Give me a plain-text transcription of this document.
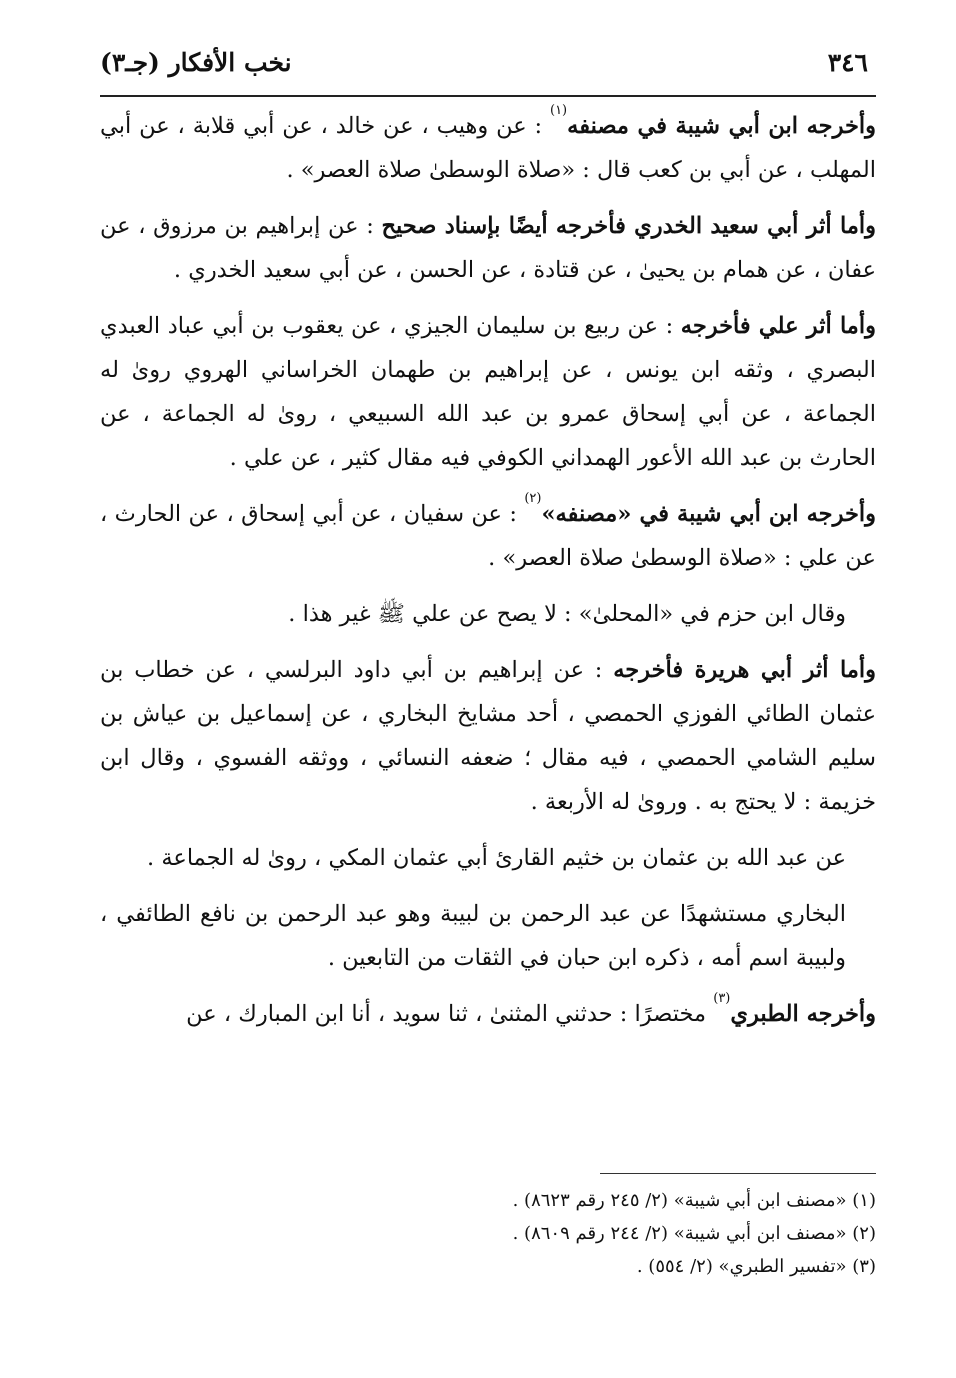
٣٤٦
نخب الأفكار (جـ٣)

وأخرجه ابن أبي شيبة في مصنفه$^{(١)}$ : عن وهيب ، عن خالد ، عن أبي قلابة ، عن أبي المهلب ، عن أبي بن كعب قال : «صلاة الوسطىٰ صلاة العصر» .

وأما أثر أبي سعيد الخدري فأخرجه أيضًا بإسناد صحيح : عن إبراهيم بن مرزوق ، عن عفان ، عن همام بن يحيىٰ ، عن قتادة ، عن الحسن ، عن أبي سعيد الخدري .

وأما أثر علي فأخرجه : عن ربيع بن سليمان الجيزي ، عن يعقوب بن أبي عباد العبدي البصري ، وثقه ابن يونس ، عن إبراهيم بن طهمان الخراساني الهروي روىٰ له الجماعة ، عن أبي إسحاق عمرو بن عبد الله السبيعي ، روىٰ له الجماعة ، عن الحارث بن عبد الله الأعور الهمداني الكوفي فيه مقال كثير ، عن علي .

وأخرجه ابن أبي شيبة في «مصنفه»$^{(٢)}$ : عن سفيان ، عن أبي إسحاق ، عن الحارث ، عن علي : «صلاة الوسطىٰ صلاة العصر» .

وقال ابن حزم في «المحلىٰ» : لا يصح عن علي ﷺ غير هذا .

وأما أثر أبي هريرة فأخرجه : عن إبراهيم بن أبي داود البرلسي ، عن خطاب بن عثمان الطائي الفوزي الحمصي ، أحد مشايخ البخاري ، عن إسماعيل بن عياش بن سليم الشامي الحمصي ، فيه مقال ؛ ضعفه النسائي ، ووثقه الفسوي ، وقال ابن خزيمة : لا يحتج به . وروىٰ له الأربعة .

عن عبد الله بن عثمان بن خثيم القارئ أبي عثمان المكي ، روىٰ له الجماعة .

البخاري مستشهدًا عن عبد الرحمن بن لبيبة وهو عبد الرحمن بن نافع الطائفي ، ولبيبة اسم أمه ، ذكره ابن حبان في الثقات من التابعين .

وأخرجه الطبري$^{(٣)}$ مختصرًا : حدثني المثنىٰ ، ثنا سويد ، أنا ابن المبارك ، عن

(١) «مصنف ابن أبي شيبة» (٢/ ٢٤٥ رقم ٨٦٢٣) .
(٢) «مصنف ابن أبي شيبة» (٢/ ٢٤٤ رقم ٨٦٠٩) .
(٣) «تفسير الطبري» (٢/ ٥٥٤) .
